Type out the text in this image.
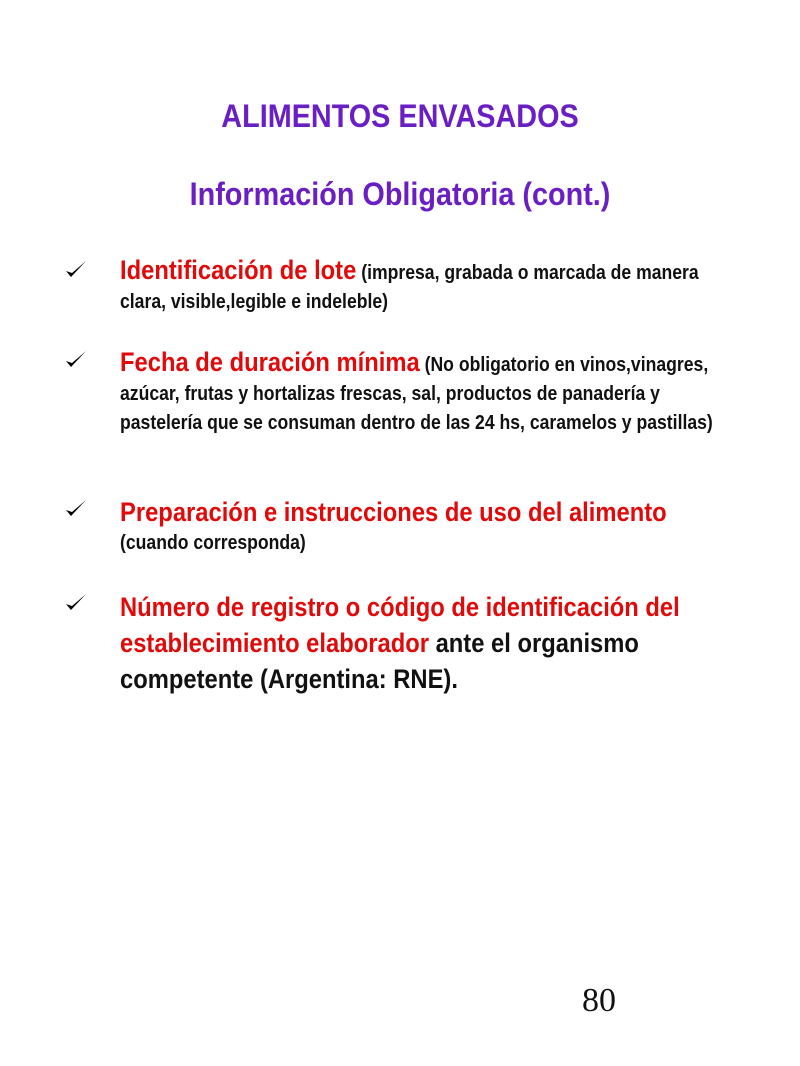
ALIMENTOS ENVASADOS
Información Obligatoria (cont.)
Identificación de lote (impresa, grabada o marcada de manera clara, visible,legible e indeleble)
Fecha de duración mínima (No obligatorio en vinos,vinagres, azúcar, frutas y hortalizas frescas, sal, productos de panadería y pastelería que se consuman dentro de las 24 hs, caramelos y pastillas)
Preparación e instrucciones de uso del alimento
(cuando corresponda)
Número de registro o código de identificación del establecimiento elaborador ante el organismo competente (Argentina: RNE).

80
